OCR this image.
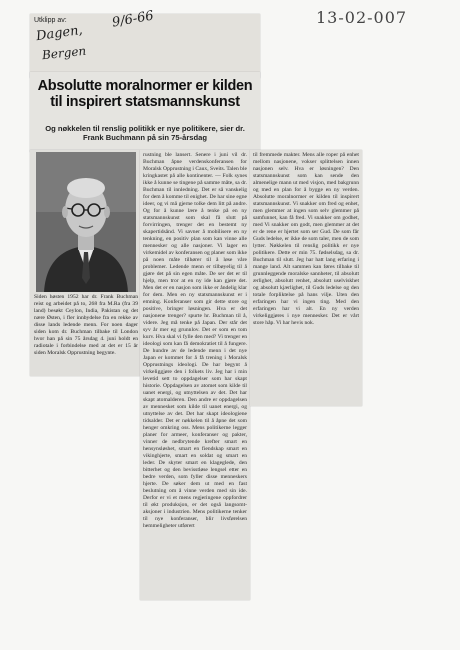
13-02-007
Utklipp av:
Dagen,
Bergen
9/6-66
Absolutte moralnormer er kilden
til inspirert statsmannskunst
Og nøkkelen til renslig politikk er nye politikere, sier dr. Frank Buchmann på sin 75-årsdag
Siden høsten 1952 har dr. Frank Buchman reist og arbeidet på to, 268 fra M.Ra (fra 39 land) besøkt Ceylon, India, Pakistan og det nære Østen, i fler innbydelse fra en rekke av disse lands ledende menn. For noen dager siden kom dr. Buchman tilbake til London hvor han på sin 75 årsdag 4. juni holdt en radiotale i forbindelse med at det er 15 år siden Moralsk Opprustning begynte.

rustning ble lansert. Senere i juni vil dr. Buchman åpne verdenskonferansen for Moralsk Opprustning i Caux, Sveits. Talen ble kringkastet på alle kontinenter. — Folk synes ikke å kunne se tingene på samme måte, sa dr. Buchman til innledning. Det er så vanskelig for dem å komme til enighet. De har sine egne ideer, og vi må gjerne tolke dem litt på andre. Og for å kunne lære å tenke på en ny statsmannskunst som skal få slutt på forvirringen, trenger det en bestemt ny skapertidsånd. Vi savner å mobilisere en ny tenkning, en positiv plan som kan vinne alle mennesker og alle nasjoner. Vi lager en virkemidel av konferansen og planer som ikke på noen måte tilhører til å løse våre problemer. Ledende menn er tilbøyelig til å gjøre det på sin egen måte. De ser det er til hjelp, men tror at en ny ide kan gjøre det. Men det er en nasjon som ikke er åndelig klar for dem. Men en ny statsmannskunst er i emning. Konferanser som gir dette store og positive, bringer løsningen. Hva er det nasjonene trenger? spurte hr. Buchman til å, videre. Jeg må tenke på Japan. Der står det syv år mer eg grunnlov. Det er som en tom kurv. Hva skal vi fylle den med? Vi trenger en ideologi som kan få demokratiet til å fungere. De hundre av de ledende menn i det nye Japan er kommet for å få trening i Moralsk Opprustnings ideologi. De har begynt å virkeliggjøre den i folkets liv. Jeg har i min levetid sett to oppdagelser som har skapt historie. Oppdagelsen av atomet som kilde til uanet energi, og utnyttelsen av det. Det har skapt atomalderen. Den andre er oppdagelsen av mennesket som kilde til uanet energi, og utnyttelse av det. Det har skapt ideologiene tidsalder. Det er nøkkelen til å åpne det som henger omkring oss. Mens politikerne legger planer for armeer, konferanser og pakter, vinner de nedbrytende krefter smart en hensynsløshet, smart en fiendskap smart en vikinghjerte, smart en soldat og smart en leder. De skyter smart en klageglede, den bitterhet og den bevisstløse lengsel etter en bedre verden, som fyller disse menneskers hjerte. De søker dem ut med en fast beslutning om å vinne verden med sin ide. Derfor er vi et mens regjeringene oppfordrer til økt produksjon, er det også langsomt-aksjoner i industrien. Mens politikerne tenker til nye konferanser, blir livsførelsen hemmeligheter utførert

til fremmede makter. Mens alle roper på enhet mellom nasjonene, vokser splittelsen innen nasjonen selv. Hva er løsningen? Den statsmannskunst som kan sende den almenelige mann ut med visjon, med bakgrunn og med en plan for å bygge en ny verden. Absolutte moralnormer er kilden til inspirert statsmannskunst. Vi snakker om fred og enhet, men glemmer at ingen som selv glemmer på samfunnet, kan få fred. Vi snakker om godhet, med Vi snakker om godt, men glemmer at det er de rene er hjertet som ser Gud. De som får Guds ledelse, er ikke de som taler, men de som lytter. Nøkkelen til renslig politikk er nye politikere. Dette er min 75. fødselsdag, sa dr. Buchman til slutt. Jeg har hatt lang erfaring i mange land. Alt sammen kan føres tilbake til grunnleggende moralske sannheter, til absolutt ærlighet, absolutt renhet, absolutt uselviskhet og absolutt kjærlighet, til Guds ledelse og den totale forpliktelse på hans vilje. Uten den erfaringen har vi ingen ting. Med den erfaringen har vi alt. En ny verden virkeliggjøres i nye mennesker. Det er vårt store håp. Vi har hevis nok.
